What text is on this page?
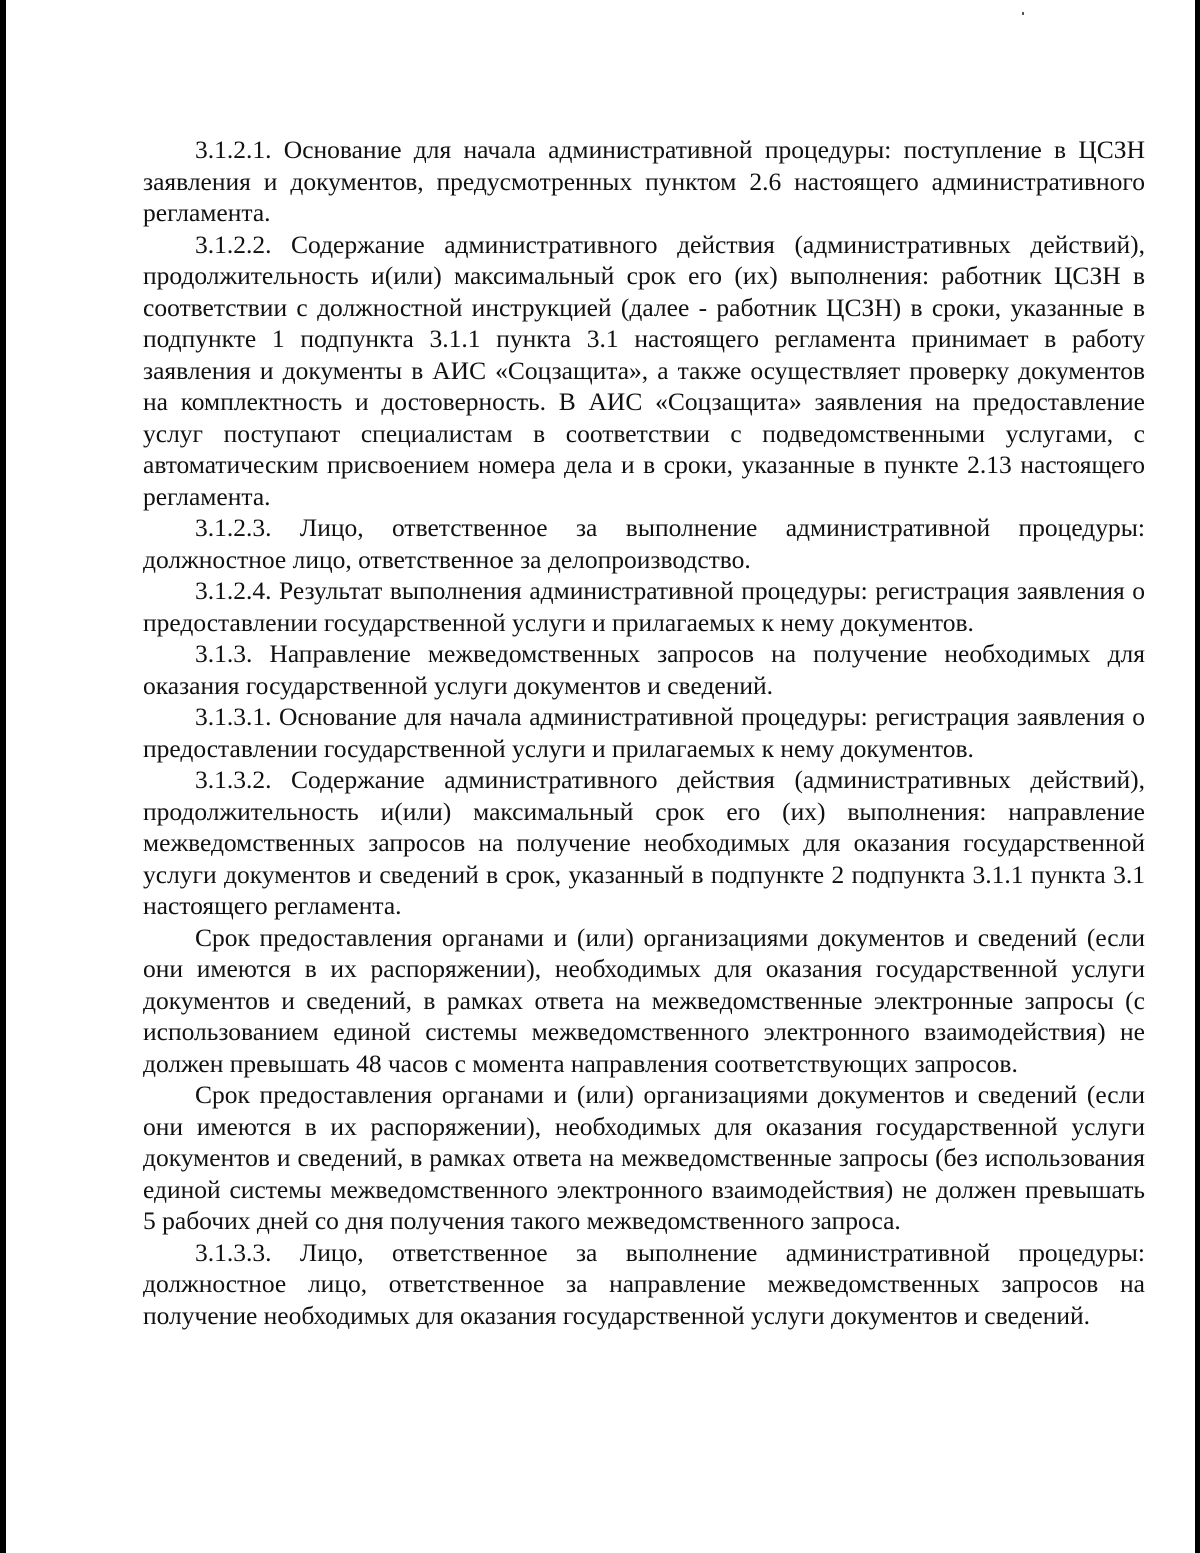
3.1.2.1. Основание для начала административной процедуры: поступление в ЦСЗН заявления и документов, предусмотренных пунктом 2.6 настоящего административного регламента.

3.1.2.2. Содержание административного действия (административных действий), продолжительность и(или) максимальный срок его (их) выполнения: работник ЦСЗН в соответствии с должностной инструкцией (далее - работник ЦСЗН) в сроки, указанные в подпункте 1 подпункта 3.1.1 пункта 3.1 настоящего регламента принимает в работу заявления и документы в АИС «Соцзащита», а также осуществляет проверку документов на комплектность и достоверность. В АИС «Соцзащита» заявления на предоставление услуг поступают специалистам в соответствии с подведомственными услугами, с автоматическим присвоением номера дела и в сроки, указанные в пункте 2.13 настоящего регламента.

3.1.2.3. Лицо, ответственное за выполнение административной процедуры: должностное лицо, ответственное за делопроизводство.

3.1.2.4. Результат выполнения административной процедуры: регистрация заявления о предоставлении государственной услуги и прилагаемых к нему документов.

3.1.3. Направление межведомственных запросов на получение необходимых для оказания государственной услуги документов и сведений.

3.1.3.1. Основание для начала административной процедуры: регистрация заявления о предоставлении государственной услуги и прилагаемых к нему документов.

3.1.3.2. Содержание административного действия (административных действий), продолжительность и(или) максимальный срок его (их) выполнения: направление межведомственных запросов на получение необходимых для оказания государственной услуги документов и сведений в срок, указанный в подпункте 2 подпункта 3.1.1 пункта 3.1 настоящего регламента.

Срок предоставления органами и (или) организациями документов и сведений (если они имеются в их распоряжении), необходимых для оказания государственной услуги документов и сведений, в рамках ответа на межведомственные электронные запросы (с использованием единой системы межведомственного электронного взаимодействия) не должен превышать 48 часов с момента направления соответствующих запросов.

Срок предоставления органами и (или) организациями документов и сведений (если они имеются в их распоряжении), необходимых для оказания государственной услуги документов и сведений, в рамках ответа на межведомственные запросы (без использования единой системы межведомственного электронного взаимодействия) не должен превышать 5 рабочих дней со дня получения такого межведомственного запроса.

3.1.3.3. Лицо, ответственное за выполнение административной процедуры: должностное лицо, ответственное за направление межведомственных запросов на получение необходимых для оказания государственной услуги документов и сведений.
